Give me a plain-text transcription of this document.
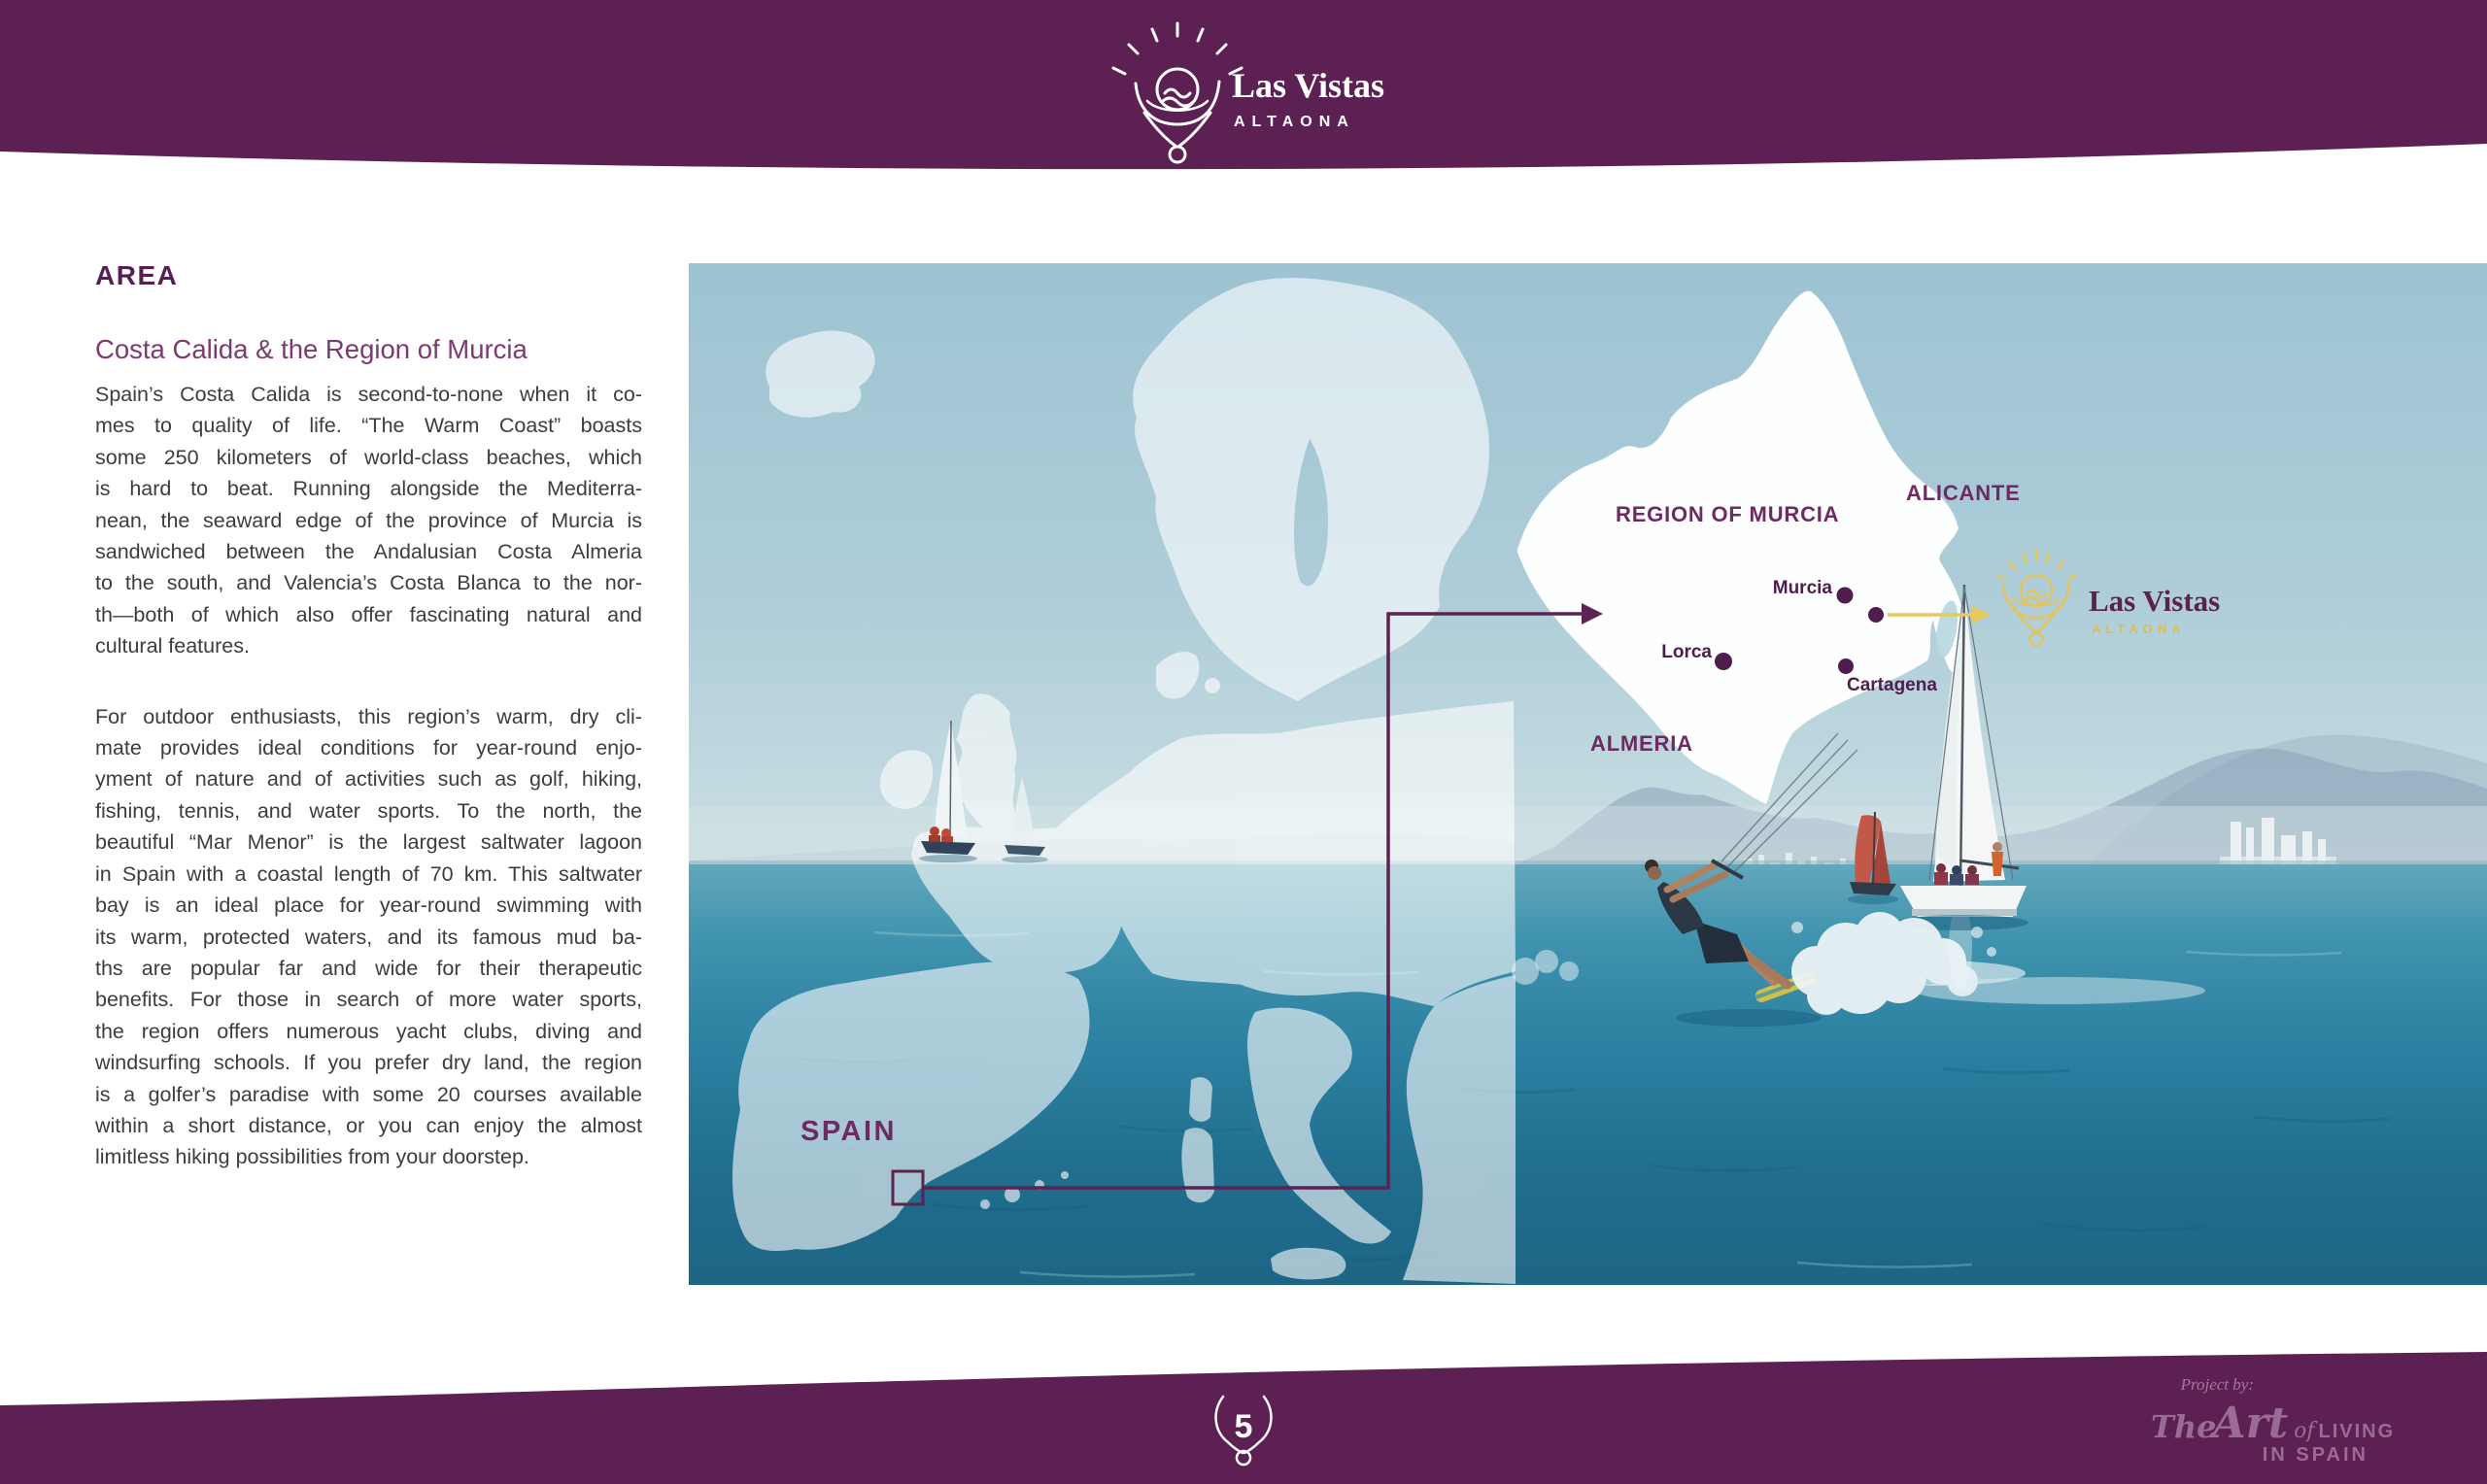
Las Vistas
ALTAONA
AREA
Costa Calida & the Region of Murcia
Spain’s Costa Calida is second-to-none when it co-
mes to quality of life. “The Warm Coast” boasts
some 250 kilometers of world-class beaches, which
is hard to beat. Running alongside the Mediterra-
nean, the seaward edge of the province of Murcia is
sandwiched between the Andalusian Costa Almeria
to the south, and Valencia’s Costa Blanca to the nor-
th—both of which also offer fascinating natural and
cultural features.
For outdoor enthusiasts, this region’s warm, dry cli-
mate provides ideal conditions for year-round enjo-
yment of nature and of activities such as golf, hiking,
fishing, tennis, and water sports. To the north, the
beautiful “Mar Menor” is the largest saltwater lagoon
in Spain with a coastal length of 70 km. This saltwater
bay is an ideal place for year-round swimming with
its warm, protected waters, and its famous mud ba-
ths are popular far and wide for their therapeutic
benefits. For those in search of more water sports,
the region offers numerous yacht clubs, diving and
windsurfing schools. If you prefer dry land, the region
is a golfer’s paradise with some 20 courses available
within a short distance, or you can enjoy the almost
limitless hiking possibilities from your doorstep.
REGION OF MURCIA
ALICANTE
ALMERIA
SPAIN
Murcia
Lorca
Cartagena
Las Vistas
ALTAONA
5
Project by:
The
Art of LIVING
IN SPAIN
